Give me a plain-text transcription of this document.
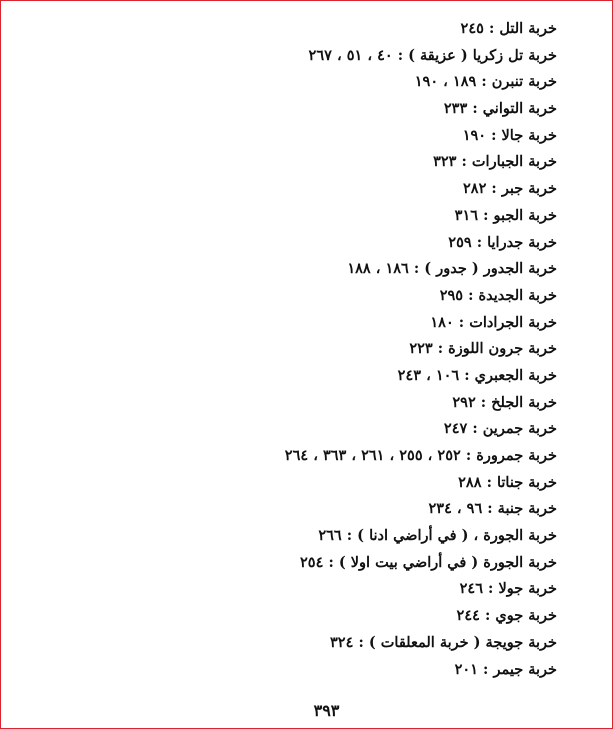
خربة التل : ٢٤٥
خربة تل زكريا ( عزيقة ) : ٤٠ ، ٥١ ، ٢٦٧
خربة تنبرن : ١٨٩ ، ١٩٠
خربة التواني : ٢٣٣
خربة جالا : ١٩٠
خربة الجبارات : ٣٢٣
خربة جبر : ٢٨٢
خربة الجبو : ٣١٦
خربة جدرايا : ٢٥٩
خربة الجدور ( جدور ) : ١٨٦ ، ١٨٨
خربة الجديدة : ٢٩٥
خربة الجرادات : ١٨٠
خربة جرون اللوزة : ٢٢٣
خربة الجعبري : ١٠٦ ، ٢٤٣
خربة الجلخ : ٢٩٢
خربة جمرين : ٢٤٧
خربة جمرورة : ٢٥٢ ، ٢٥٥ ، ٢٦١ ، ٣٦٣ ، ٢٦٤
خربة جناتا : ٢٨٨
خربة جنبة : ٩٦ ، ٢٣٤
خربة الجورة ، ( في أراضي ادنا ) : ٢٦٦
خربة الجورة ( في أراضي بيت اولا ) : ٢٥٤
خربة جولا : ٢٤٦
خربة جوي : ٢٤٤
خربة جويجة ( خربة المعلقات ) : ٣٢٤
خربة جيمر : ٢٠١
٣٩٣
